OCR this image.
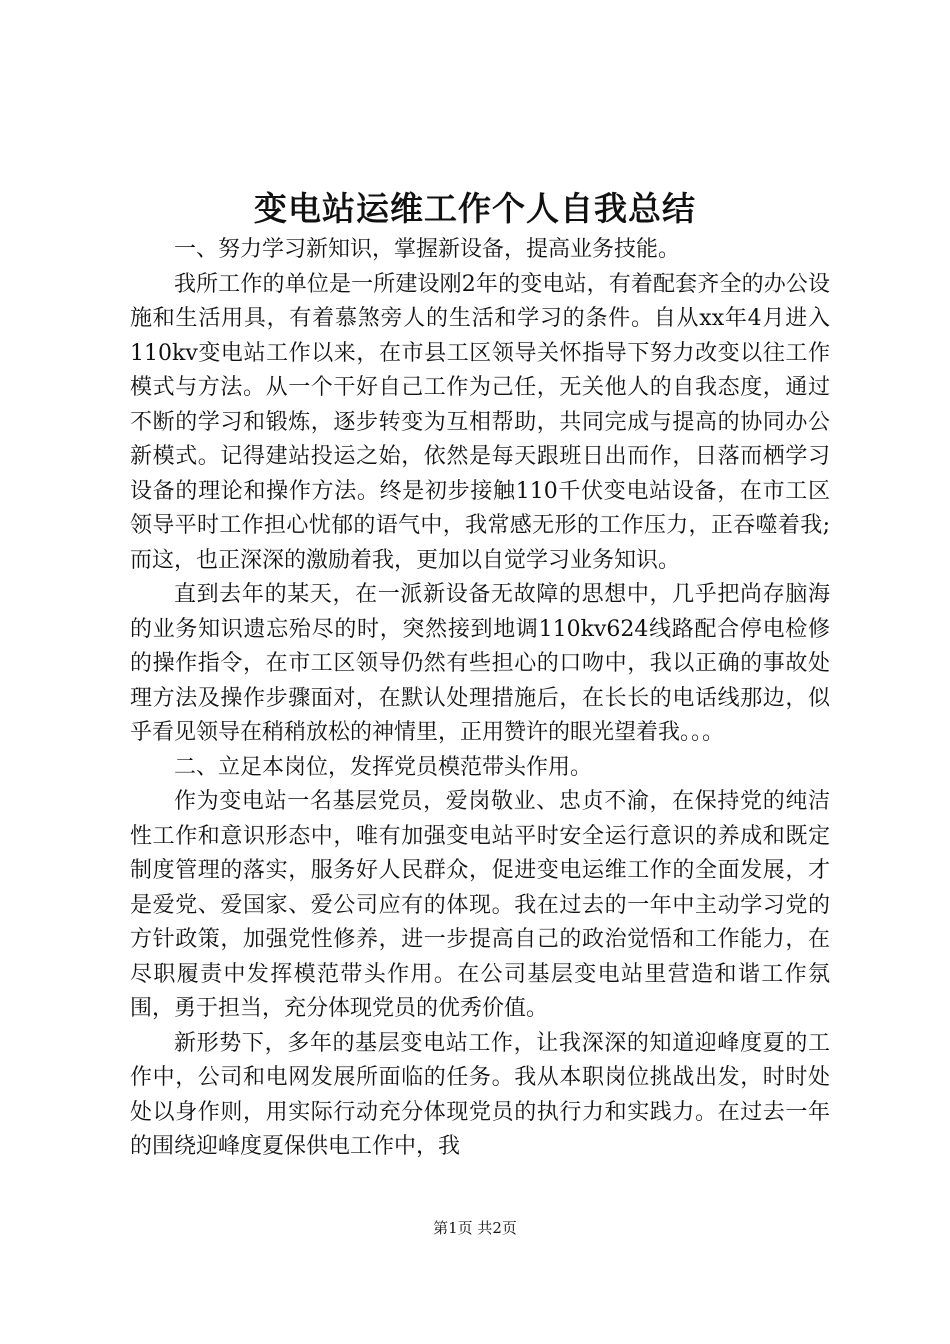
变电站运维工作个人自我总结

一、努力学习新知识，掌握新设备，提高业务技能。

我所工作的单位是一所建设刚2年的变电站，有着配套齐全的办公设施和生活用具，有着慕煞旁人的生活和学习的条件。自从xx年4月进入110kv变电站工作以来，在市县工区领导关怀指导下努力改变以往工作模式与方法。从一个干好自己工作为己任，无关他人的自我态度，通过不断的学习和锻炼，逐步转变为互相帮助，共同完成与提高的协同办公新模式。记得建站投运之始，依然是每天跟班日出而作，日落而栖学习设备的理论和操作方法。终是初步接触110千伏变电站设备，在市工区领导平时工作担心忧郁的语气中，我常感无形的工作压力，正吞噬着我;而这，也正深深的激励着我，更加以自觉学习业务知识。

直到去年的某天，在一派新设备无故障的思想中，几乎把尚存脑海的业务知识遗忘殆尽的时，突然接到地调110kv624线路配合停电检修的操作指令，在市工区领导仍然有些担心的口吻中，我以正确的事故处理方法及操作步骤面对，在默认处理措施后，在长长的电话线那边，似乎看见领导在稍稍放松的神情里，正用赞许的眼光望着我。。。

二、立足本岗位，发挥党员模范带头作用。

作为变电站一名基层党员，爱岗敬业、忠贞不渝，在保持党的纯洁性工作和意识形态中，唯有加强变电站平时安全运行意识的养成和既定制度管理的落实，服务好人民群众，促进变电运维工作的全面发展，才是爱党、爱国家、爱公司应有的体现。我在过去的一年中主动学习党的方针政策，加强党性修养，进一步提高自己的政治觉悟和工作能力，在尽职履责中发挥模范带头作用。在公司基层变电站里营造和谐工作氛围，勇于担当，充分体现党员的优秀价值。

新形势下，多年的基层变电站工作，让我深深的知道迎峰度夏的工作中，公司和电网发展所面临的任务。我从本职岗位挑战出发，时时处处以身作则，用实际行动充分体现党员的执行力和实践力。在过去一年的围绕迎峰度夏保供电工作中，我

第1页 共2页
